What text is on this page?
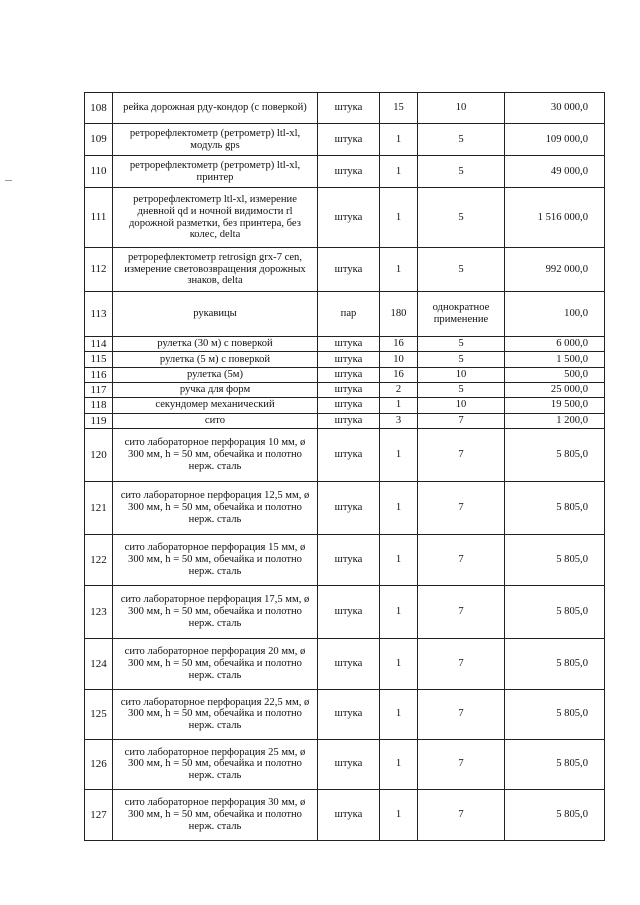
108	рейка дорожная рду-кондор (с поверкой)	штука	15	10	30 000,0
109	ретрорефлектометр (ретрометр) ltl-xl, модуль gps	штука	1	5	109 000,0
110	ретрорефлектометр (ретрометр) ltl-xl, принтер	штука	1	5	49 000,0
111	ретрорефлектометр ltl-xl, измерение дневной qd и ночной видимости rl дорожной разметки, без принтера, без колес, delta	штука	1	5	1 516 000,0
112	ретрорефлектометр retrosign grx-7 cen, измерение световозвращения дорожных знаков, delta	штука	1	5	992 000,0
113	рукавицы	пар	180	однократное применение	100,0
114	рулетка (30 м) с поверкой	штука	16	5	6 000,0
115	рулетка (5 м) с поверкой	штука	10	5	1 500,0
116	рулетка (5м)	штука	16	10	500,0
117	ручка для форм	штука	2	5	25 000,0
118	секундомер механический	штука	1	10	19 500,0
119	сито	штука	3	7	1 200,0
120	сито лабораторное перфорация 10 мм, ø 300 мм, h = 50 мм, обечайка и полотно нерж. сталь	штука	1	7	5 805,0
121	сито лабораторное перфорация 12,5 мм, ø 300 мм, h = 50 мм, обечайка и полотно нерж. сталь	штука	1	7	5 805,0
122	сито лабораторное перфорация 15 мм, ø 300 мм, h = 50 мм, обечайка и полотно нерж. сталь	штука	1	7	5 805,0
123	сито лабораторное перфорация 17,5 мм, ø 300 мм, h = 50 мм, обечайка и полотно нерж. сталь	штука	1	7	5 805,0
124	сито лабораторное перфорация 20 мм, ø 300 мм, h = 50 мм, обечайка и полотно нерж. сталь	штука	1	7	5 805,0
125	сито лабораторное перфорация 22,5 мм, ø 300 мм, h = 50 мм, обечайка и полотно нерж. сталь	штука	1	7	5 805,0
126	сито лабораторное перфорация 25 мм, ø 300 мм, h = 50 мм, обечайка и полотно нерж. сталь	штука	1	7	5 805,0
127	сито лабораторное перфорация 30 мм, ø 300 мм, h = 50 мм, обечайка и полотно нерж. сталь	штука	1	7	5 805,0
